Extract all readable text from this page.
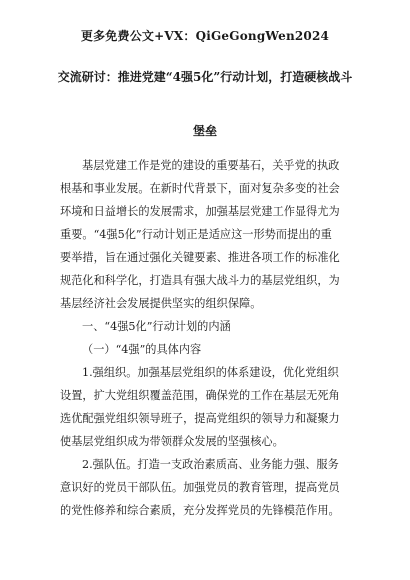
更多免费公文+VX：QiGeGongWen2024
交流研讨：推进党建“4强5化”行动计划，打造硬核战斗
堡垒
基层党建工作是党的建设的重要基石，关乎党的执政
根基和事业发展。在新时代背景下，面对复杂多变的社会
环境和日益增长的发展需求，加强基层党建工作显得尤为
重要。“4强5化”行动计划正是适应这一形势而提出的重
要举措，旨在通过强化关键要素、推进各项工作的标准化
规范化和科学化，打造具有强大战斗力的基层党组织，为
基层经济社会发展提供坚实的组织保障。
一、“4强5化”行动计划的内涵
（一）“4强”的具体内容
1.强组织。加强基层党组织的体系建设，优化党组织
设置，扩大党组织覆盖范围，确保党的工作在基层无死角
选优配强党组织领导班子，提高党组织的领导力和凝聚力
使基层党组织成为带领群众发展的坚强核心。
2.强队伍。打造一支政治素质高、业务能力强、服务
意识好的党员干部队伍。加强党员的教育管理，提高党员
的党性修养和综合素质，充分发挥党员的先锋模范作用。
